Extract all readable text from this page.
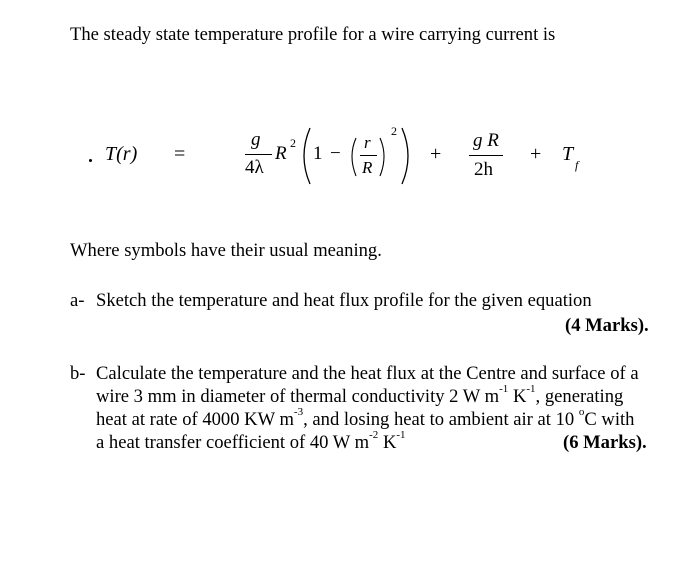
The steady state temperature profile for a wire carrying current is
T(r) =
g
4λ
R 2 1 −
r
R
2
+
g R
2h
+ T f
Where symbols have their usual meaning.
a- Sketch the temperature and heat flux profile for the given equation
(4 Marks).
b- Calculate the temperature and the heat flux at the Centre and surface of a
wire 3 mm in diameter of thermal conductivity 2 W $m^{-1}$ $K^{-1}$, generating
heat at rate of 4000 KW $m^{-3}$, and losing heat to ambient air at 10 $^o$C with
a heat transfer coefficient of 40 W $m^{-2}$ $K^{-1}$	(6 Marks).
